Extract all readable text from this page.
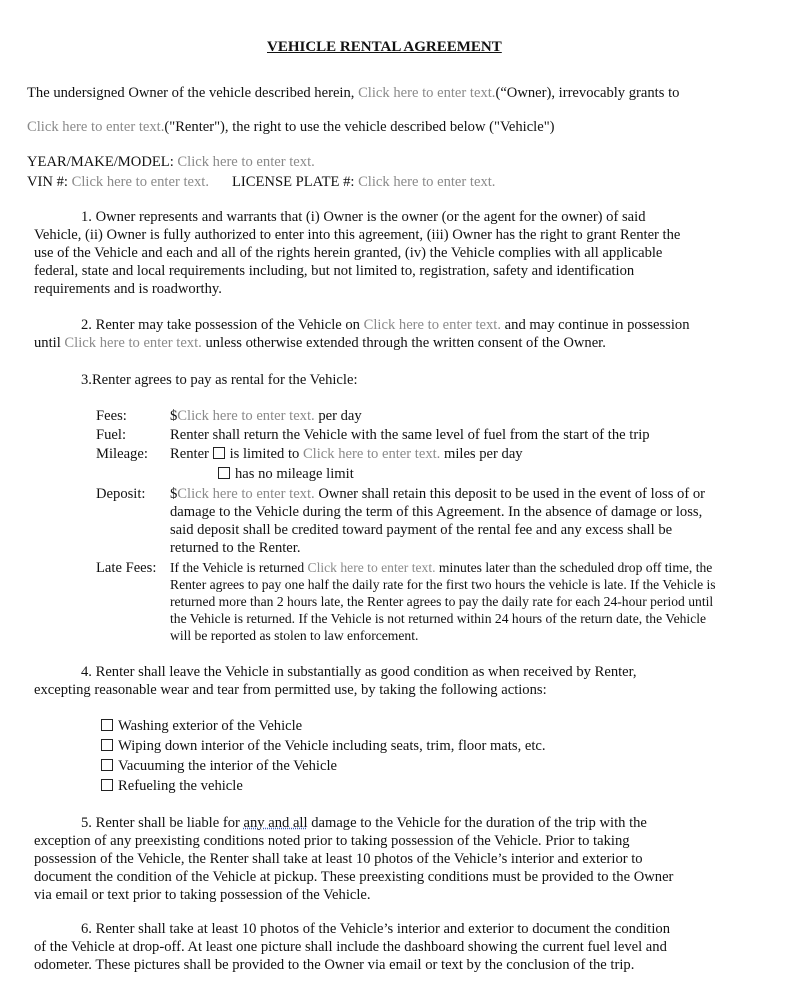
VEHICLE RENTAL AGREEMENT
The undersigned Owner of the vehicle described herein, Click here to enter text.(“Owner), irrevocably grants to
Click here to enter text.("Renter"), the right to use the vehicle described below ("Vehicle")
YEAR/MAKE/MODEL: Click here to enter text.
VIN #: Click here to enter text. LICENSE PLATE #: Click here to enter text.
1. Owner represents and warrants that (i) Owner is the owner (or the agent for the owner) of said
Vehicle, (ii) Owner is fully authorized to enter into this agreement, (iii) Owner has the right to grant Renter the
use of the Vehicle and each and all of the rights herein granted, (iv) the Vehicle complies with all applicable
federal, state and local requirements including, but not limited to, registration, safety and identification
requirements and is roadworthy.
2. Renter may take possession of the Vehicle on Click here to enter text. and may continue in possession
until Click here to enter text. unless otherwise extended through the written consent of the Owner.
3.Renter agrees to pay as rental for the Vehicle:
Fees:	$Click here to enter text. per day
Fuel:	Renter shall return the Vehicle with the same level of fuel from the start of the trip
Mileage: Renter is limited to Click here to enter text. miles per day
has no mileage limit
Deposit: $Click here to enter text. Owner shall retain this deposit to be used in the event of loss of or
damage to the Vehicle during the term of this Agreement. In the absence of damage or loss,
said deposit shall be credited toward payment of the rental fee and any excess shall be
returned to the Renter.
Late Fees: If the Vehicle is returned Click here to enter text. minutes later than the scheduled drop off time, the
Renter agrees to pay one half the daily rate for the first two hours the vehicle is late. If the Vehicle is
returned more than 2 hours late, the Renter agrees to pay the daily rate for each 24-hour period until
the Vehicle is returned. If the Vehicle is not returned within 24 hours of the return date, the Vehicle
will be reported as stolen to law enforcement.
4. Renter shall leave the Vehicle in substantially as good condition as when received by Renter,
excepting reasonable wear and tear from permitted use, by taking the following actions:
Washing exterior of the Vehicle
Wiping down interior of the Vehicle including seats, trim, floor mats, etc.
Vacuuming the interior of the Vehicle
Refueling the vehicle
5. Renter shall be liable for any and all damage to the Vehicle for the duration of the trip with the
exception of any preexisting conditions noted prior to taking possession of the Vehicle. Prior to taking
possession of the Vehicle, the Renter shall take at least 10 photos of the Vehicle’s interior and exterior to
document the condition of the Vehicle at pickup. These preexisting conditions must be provided to the Owner
via email or text prior to taking possession of the Vehicle.
6. Renter shall take at least 10 photos of the Vehicle’s interior and exterior to document the condition
of the Vehicle at drop-off. At least one picture shall include the dashboard showing the current fuel level and
odometer. These pictures shall be provided to the Owner via email or text by the conclusion of the trip.
